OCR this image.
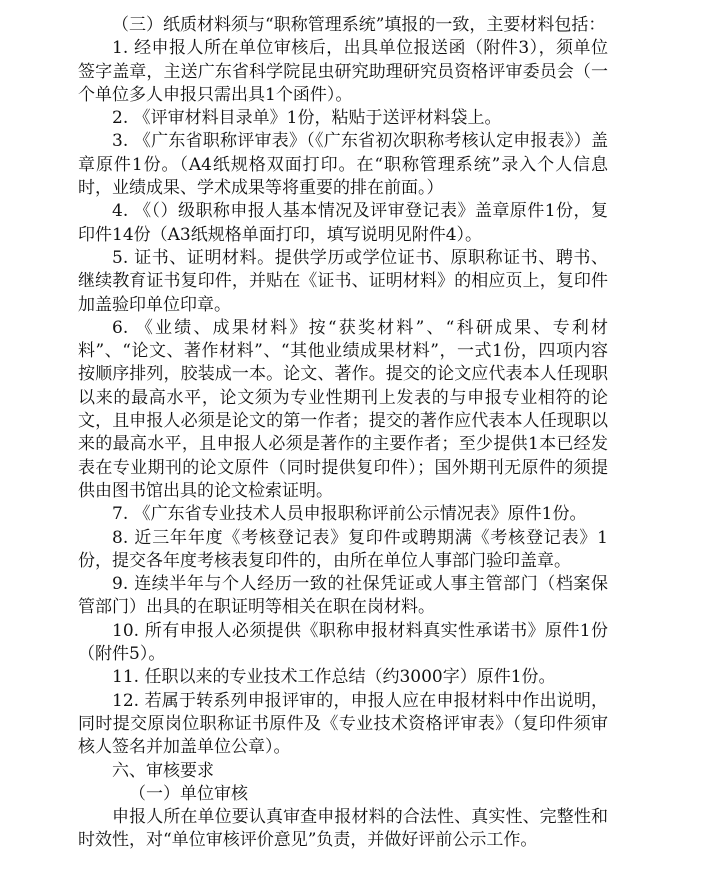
（三）纸质材料须与“职称管理系统”填报的一致，主要材料包括：

1. 经申报人所在单位审核后，出具单位报送函（附件3），须单位签字盖章，主送广东省科学院昆虫研究助理研究员资格评审委员会（一个单位多人申报只需出具1个函件）。

2. 《评审材料目录单》1份，粘贴于送评材料袋上。

3. 《广东省职称评审表》（《广东省初次职称考核认定申报表》）盖章原件1份。（A4纸规格双面打印。在“职称管理系统”录入个人信息时，业绩成果、学术成果等将重要的排在前面。）

4. 《（）级职称申报人基本情况及评审登记表》盖章原件1份，复印件14份（A3纸规格单面打印，填写说明见附件4）。

5. 证书、证明材料。提供学历或学位证书、原职称证书、聘书、继续教育证书复印件，并贴在《证书、证明材料》的相应页上，复印件加盖验印单位印章。

6. 《业绩、成果材料》按“获奖材料”、“科研成果、专利材料”、“论文、著作材料”、“其他业绩成果材料”，一式1份，四项内容按顺序排列，胶装成一本。论文、著作。提交的论文应代表本人任现职以来的最高水平，论文须为专业性期刊上发表的与申报专业相符的论文，且申报人必须是论文的第一作者；提交的著作应代表本人任现职以来的最高水平，且申报人必须是著作的主要作者；至少提供1本已经发表在专业期刊的论文原件（同时提供复印件）；国外期刊无原件的须提供由图书馆出具的论文检索证明。

7. 《广东省专业技术人员申报职称评前公示情况表》原件1份。

8. 近三年年度《考核登记表》复印件或聘期满《考核登记表》1份，提交各年度考核表复印件的，由所在单位人事部门验印盖章。

9. 连续半年与个人经历一致的社保凭证或人事主管部门（档案保管部门）出具的在职证明等相关在职在岗材料。

10. 所有申报人必须提供《职称申报材料真实性承诺书》原件1份（附件5）。

11. 任职以来的专业技术工作总结（约3000字）原件1份。

12. 若属于转系列申报评审的，申报人应在申报材料中作出说明，同时提交原岗位职称证书原件及《专业技术资格评审表》（复印件须审核人签名并加盖单位公章）。

六、审核要求

（一）单位审核

申报人所在单位要认真审查申报材料的合法性、真实性、完整性和时效性，对“单位审核评价意见”负责，并做好评前公示工作。
